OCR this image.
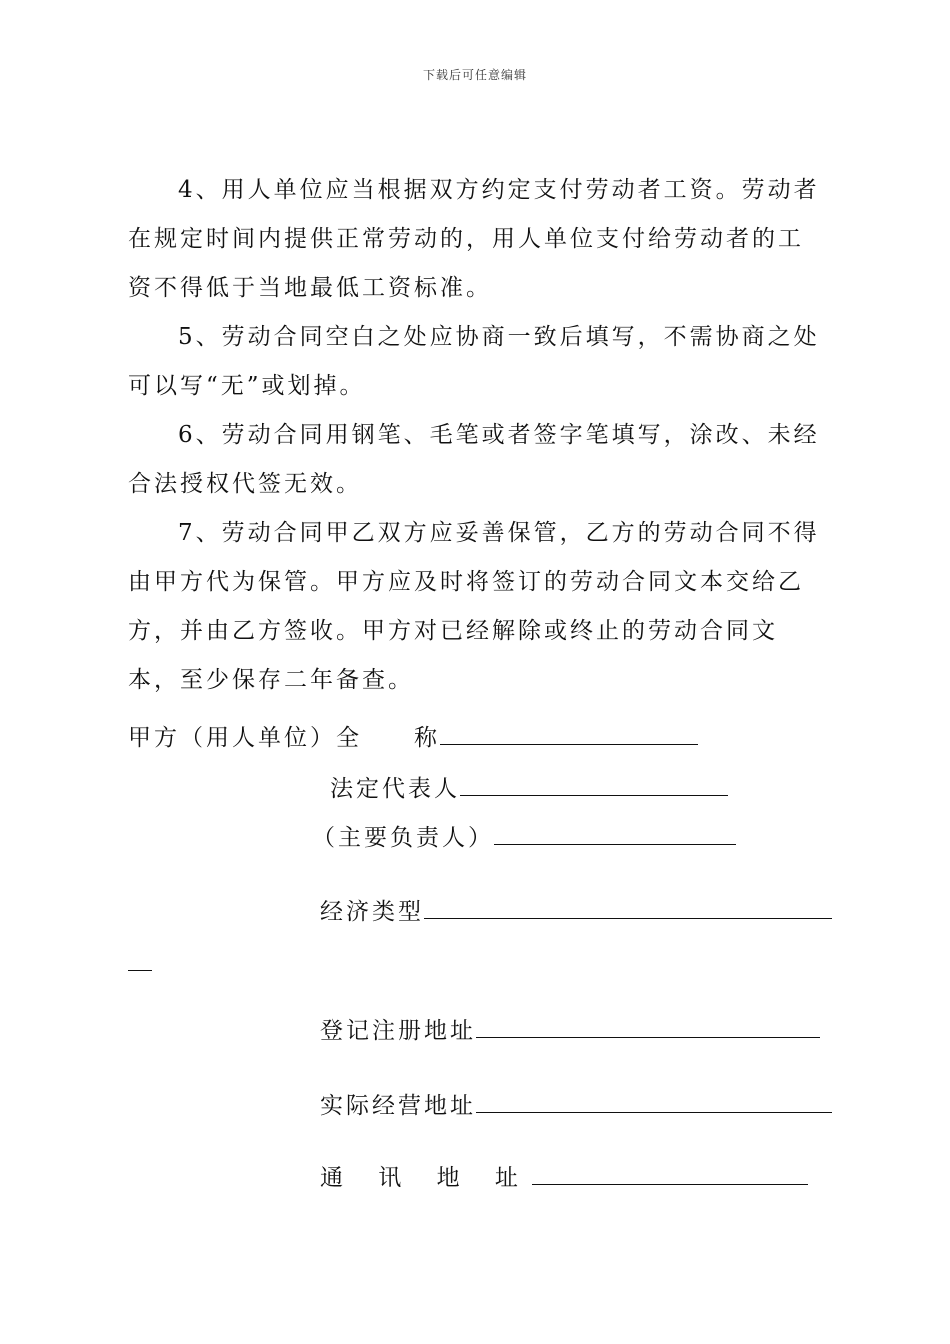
下载后可任意编辑

4、用人单位应当根据双方约定支付劳动者工资。劳动者在规定时间内提供正常劳动的，用人单位支付给劳动者的工资不得低于当地最低工资标准。

5、劳动合同空白之处应协商一致后填写，不需协商之处可以写“无”或划掉。

6、劳动合同用钢笔、毛笔或者签字笔填写，涂改、未经合法授权代签无效。

7、劳动合同甲乙双方应妥善保管，乙方的劳动合同不得由甲方代为保管。甲方应及时将签订的劳动合同文本交给乙方，并由乙方签收。甲方对已经解除或终止的劳动合同文本，至少保存二年备查。

甲方（用人单位）全　　称
法定代表人
（主要负责人）
经济类型
登记注册地址
实际经营地址
通 讯 地 址
